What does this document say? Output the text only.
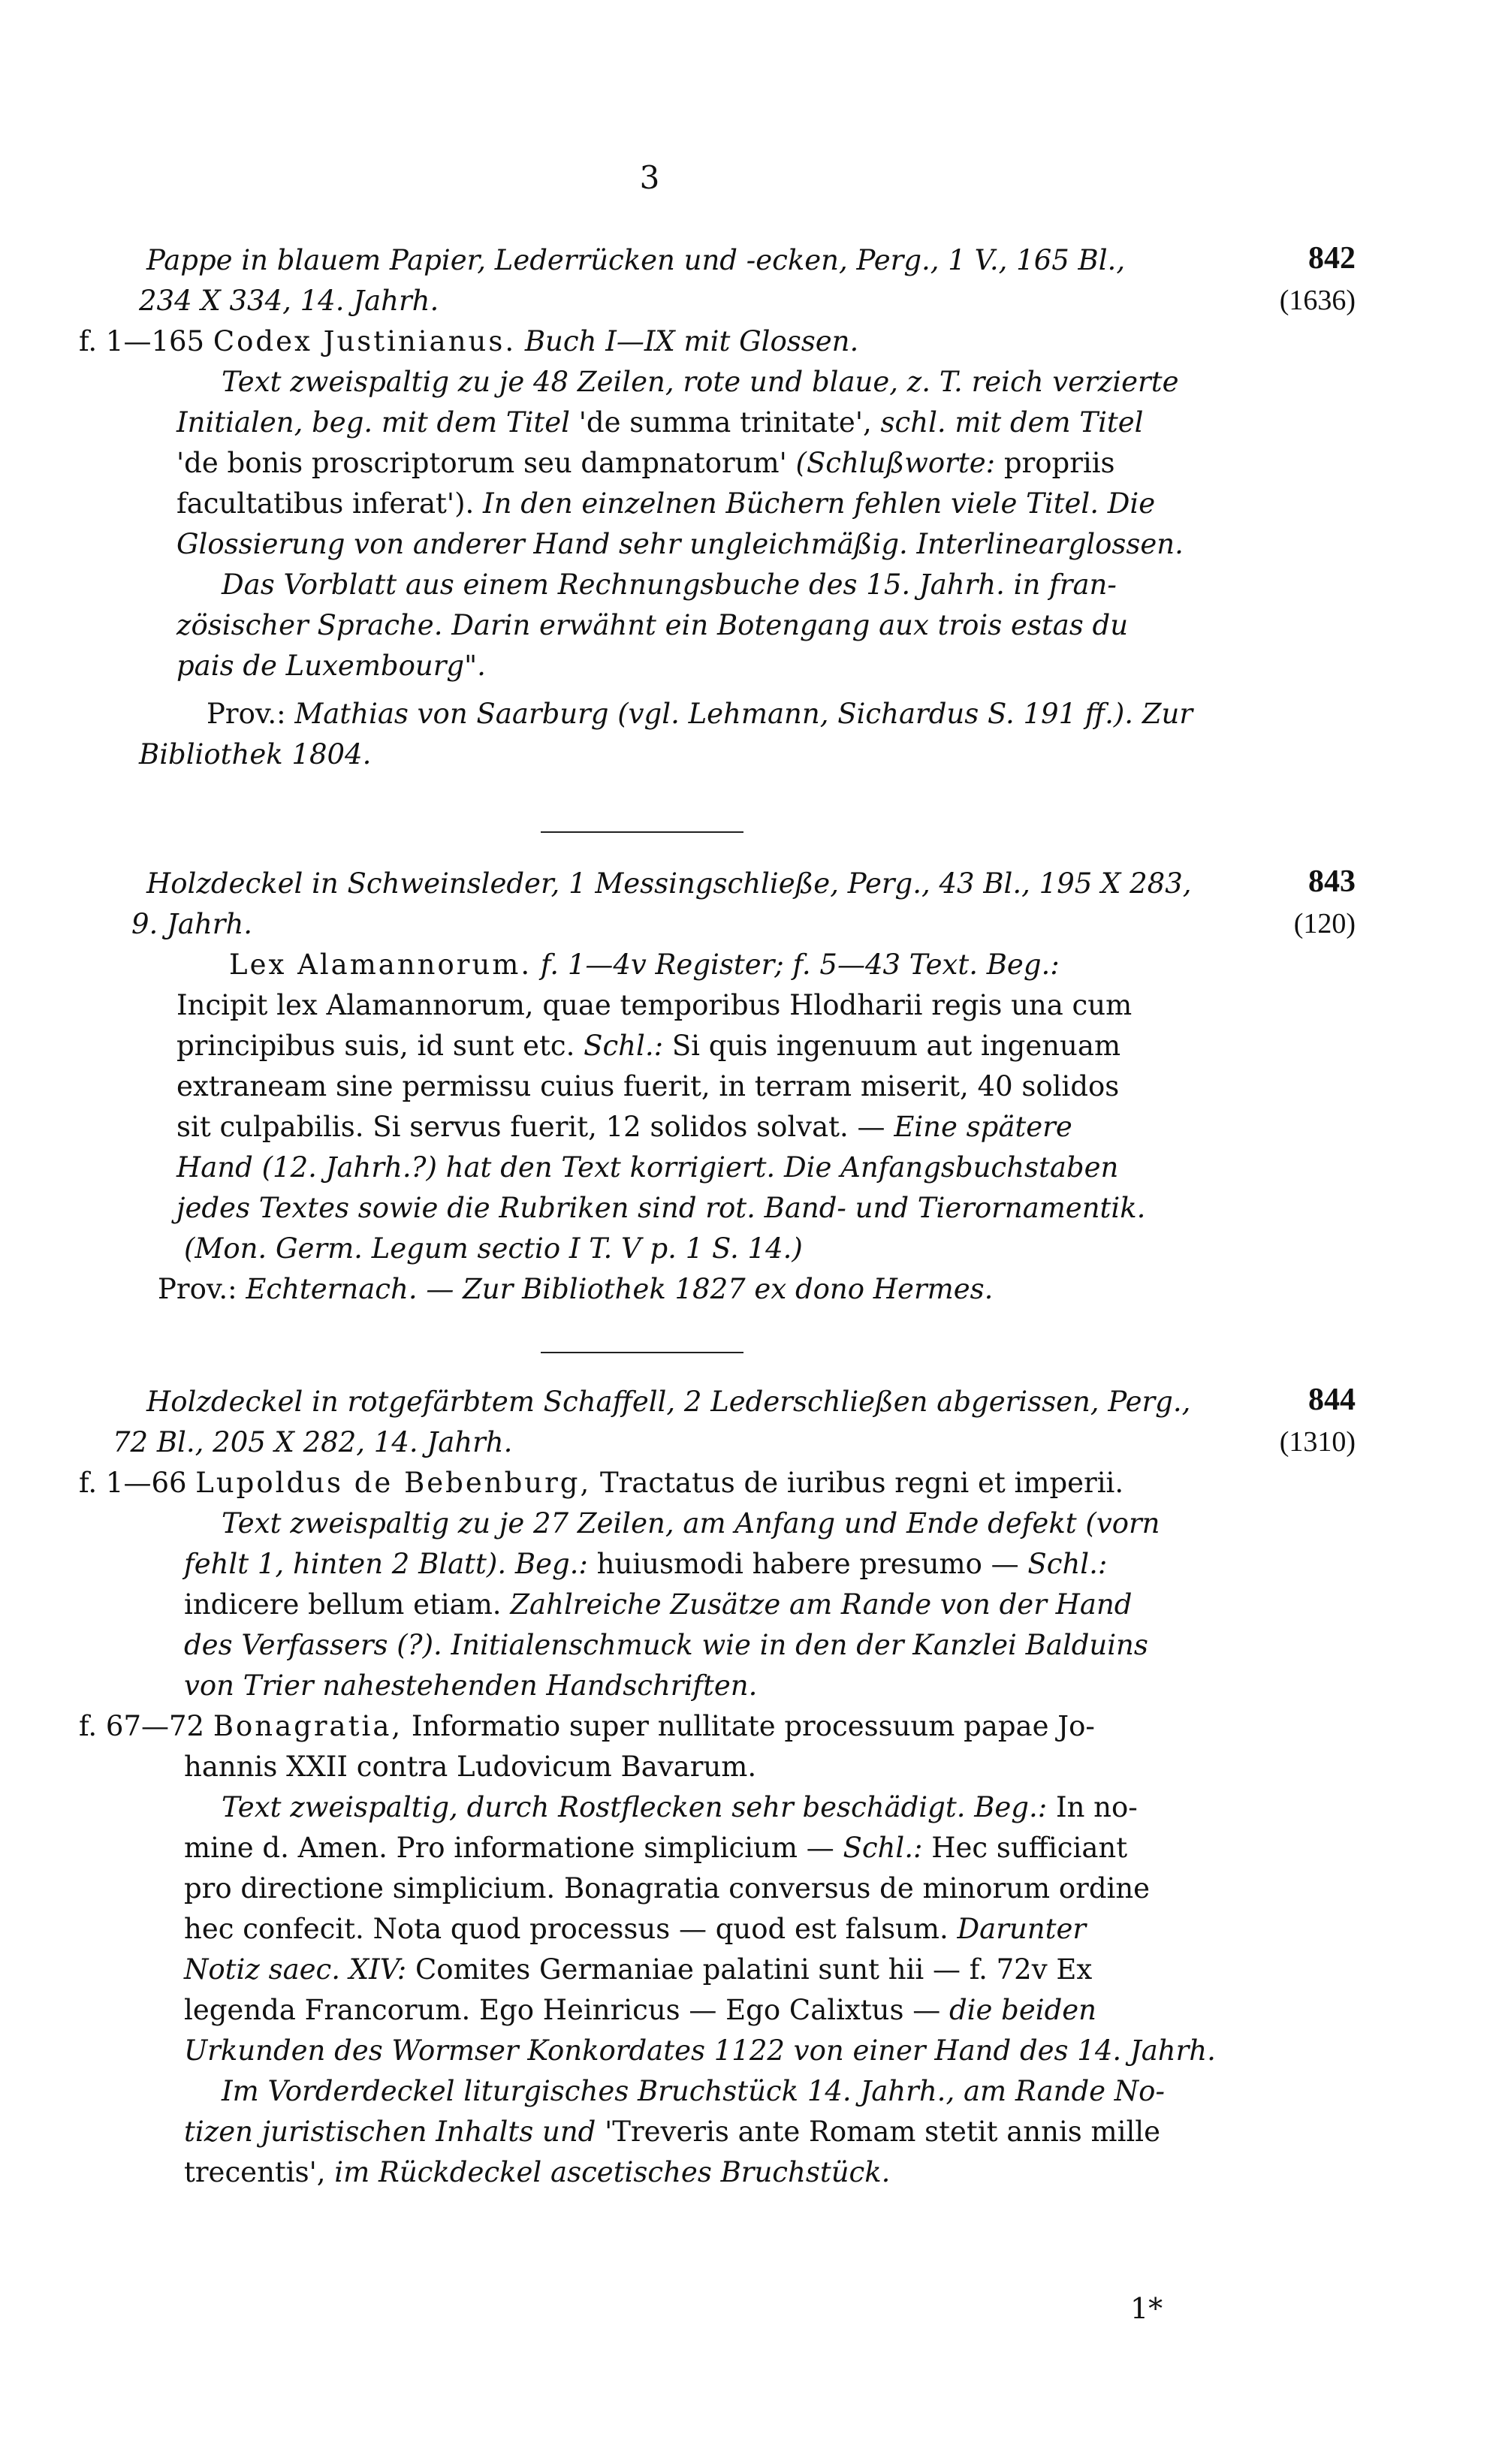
3
842
(1636)

Pappe in blauem Papier, Lederrücken und -ecken, Perg., 1 V., 165 Bl.,

234 X 334, 14. Jahrh.

f. 1—165 Codex Justinianus. Buch I—IX mit Glossen.

Text zweispaltig zu je 48 Zeilen, rote und blaue, z. T. reich verzierte

Initialen, beg. mit dem Titel 'de summa trinitate', schl. mit dem Titel

'de bonis proscriptorum seu dampnatorum' (Schlußworte: propriis

facultatibus inferat'). In den einzelnen Büchern fehlen viele Titel. Die

Glossierung von anderer Hand sehr ungleichmäßig. Interlinearglossen.

Das Vorblatt aus einem Rechnungsbuche des 15. Jahrh. in fran-

zösischer Sprache. Darin erwähnt ein Botengang aux trois estas du

pais de Luxembourg".

Prov.: Mathias von Saarburg (vgl. Lehmann, Sichardus S. 191 ff.). Zur

Bibliothek 1804.

843
(120)

Holzdeckel in Schweinsleder, 1 Messingschließe, Perg., 43 Bl., 195 X 283,

9. Jahrh.

Lex Alamannorum. f. 1—4v Register; f. 5—43 Text. Beg.:

Incipit lex Alamannorum, quae temporibus Hlodharii regis una cum

principibus suis, id sunt etc. Schl.: Si quis ingenuum aut ingenuam

extraneam sine permissu cuius fuerit, in terram miserit, 40 solidos

sit culpabilis. Si servus fuerit, 12 solidos solvat. — Eine spätere

Hand (12. Jahrh.?) hat den Text korrigiert. Die Anfangsbuchstaben

jedes Textes sowie die Rubriken sind rot. Band- und Tierornamentik.

(Mon. Germ. Legum sectio I T. V p. 1 S. 14.)

Prov.: Echternach. — Zur Bibliothek 1827 ex dono Hermes.

844
(1310)

Holzdeckel in rotgefärbtem Schaffell, 2 Lederschließen abgerissen, Perg.,

72 Bl., 205 X 282, 14. Jahrh.

f. 1—66 Lupoldus de Bebenburg, Tractatus de iuribus regni et imperii.

Text zweispaltig zu je 27 Zeilen, am Anfang und Ende defekt (vorn

fehlt 1, hinten 2 Blatt). Beg.: huiusmodi habere presumo — Schl.:

indicere bellum etiam. Zahlreiche Zusätze am Rande von der Hand

des Verfassers (?). Initialenschmuck wie in den der Kanzlei Balduins

von Trier nahestehenden Handschriften.

f. 67—72 Bonagratia, Informatio super nullitate processuum papae Jo-

hannis XXII contra Ludovicum Bavarum.

Text zweispaltig, durch Rostflecken sehr beschädigt. Beg.: In no-

mine d. Amen. Pro informatione simplicium — Schl.: Hec sufficiant

pro directione simplicium. Bonagratia conversus de minorum ordine

hec confecit. Nota quod processus — quod est falsum. Darunter

Notiz saec. XIV: Comites Germaniae palatini sunt hii — f. 72v Ex

legenda Francorum. Ego Heinricus — Ego Calixtus — die beiden

Urkunden des Wormser Konkordates 1122 von einer Hand des 14. Jahrh.

Im Vorderdeckel liturgisches Bruchstück 14. Jahrh., am Rande No-

tizen juristischen Inhalts und 'Treveris ante Romam stetit annis mille

trecentis', im Rückdeckel ascetisches Bruchstück.

1*
